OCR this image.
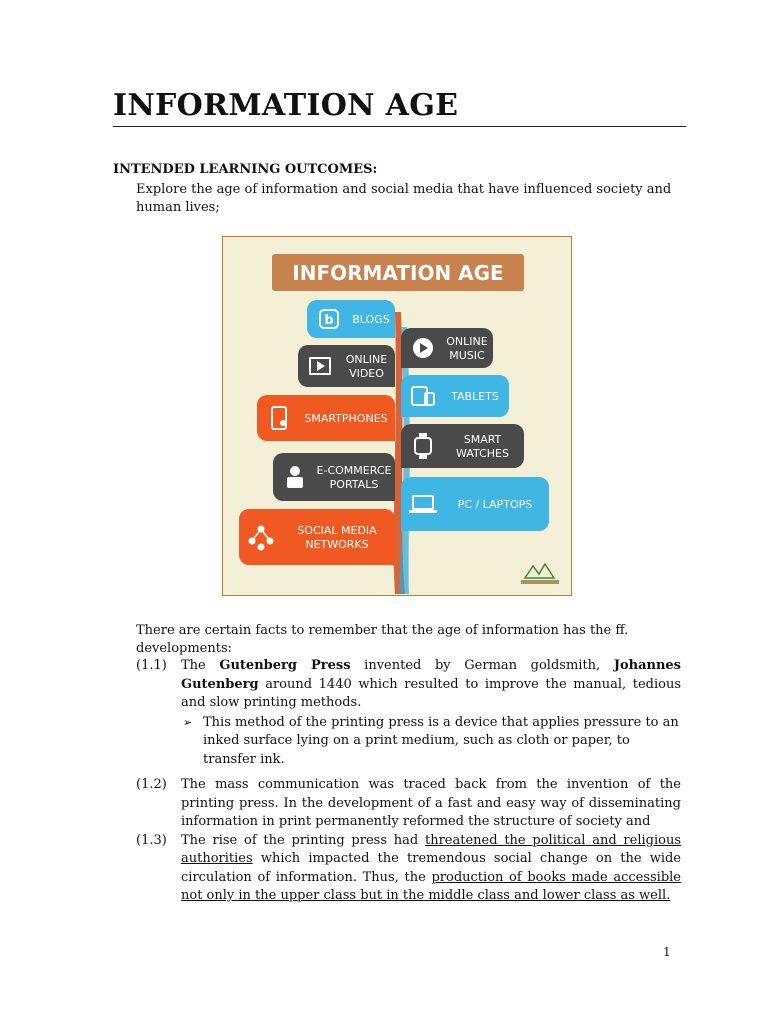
INFORMATION AGE
INTENDED LEARNING OUTCOMES:
Explore the age of information and social media that have influenced society and human lives;
INFORMATION AGE
b BLOGS
ONLINE
VIDEO
SMARTPHONES
E-COMMERCE
PORTALS
SOCIAL MEDIA
NETWORKS
ONLINE
MUSIC
TABLETS
SMART
WATCHES
PC / LAPTOPS
There are certain facts to remember that the age of information has the ff. developments:
(1.1) The Gutenberg Press invented by German goldsmith, Johannes Gutenberg around 1440 which resulted to improve the manual, tedious and slow printing methods.
➢ This method of the printing press is a device that applies pressure to an inked surface lying on a print medium, such as cloth or paper, to transfer ink.
(1.2) The mass communication was traced back from the invention of the printing press. In the development of a fast and easy way of disseminating information in print permanently reformed the structure of society and
(1.3) The rise of the printing press had threatened the political and religious authorities which impacted the tremendous social change on the wide circulation of information. Thus, the production of books made accessible not only in the upper class but in the middle class and lower class as well.
1
